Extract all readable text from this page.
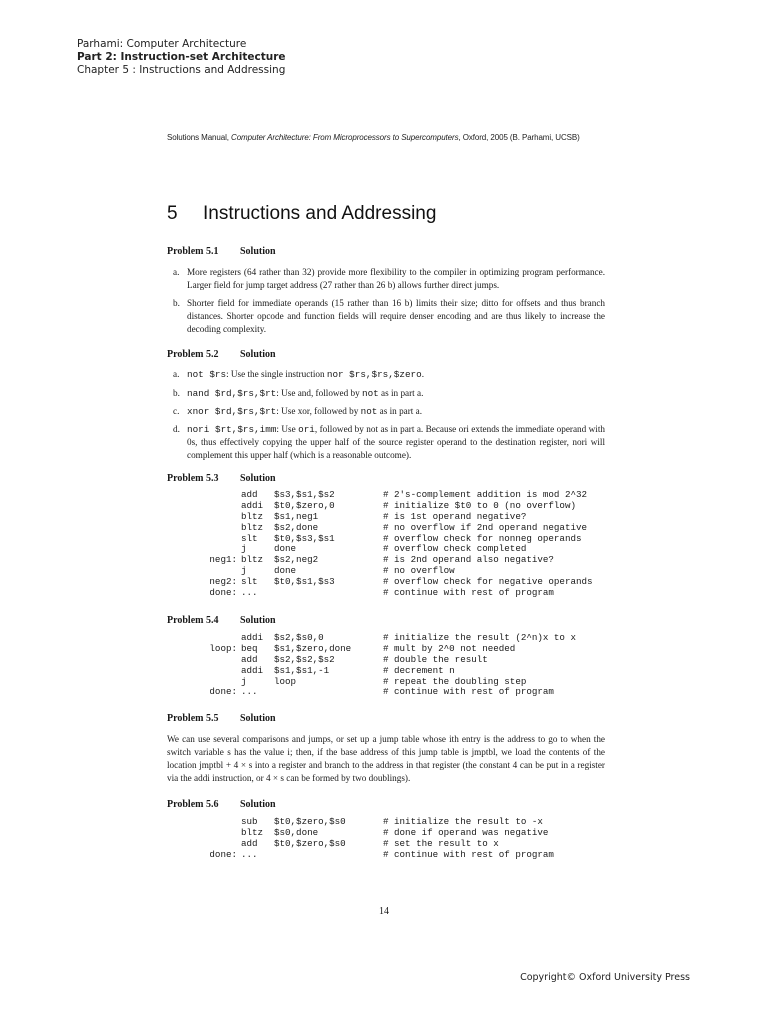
Parhami: Computer Architecture
Part 2: Instruction-set Architecture
Chapter 5 : Instructions and Addressing
Solutions Manual, Computer Architecture: From Microprocessors to Supercomputers, Oxford, 2005 (B. Parhami, UCSB)
5 Instructions and Addressing
Problem 5.1 Solution
a. More registers (64 rather than 32) provide more flexibility to the compiler in optimizing program performance. Larger field for jump target address (27 rather than 26 b) allows further direct jumps.
b. Shorter field for immediate operands (15 rather than 16 b) limits their size; ditto for offsets and thus branch distances. Shorter opcode and function fields will require denser encoding and are thus likely to increase the decoding complexity.
Problem 5.2 Solution
a. not $rs: Use the single instruction nor $rs,$rs,$zero.
b. nand $rd,$rs,$rt: Use and, followed by not as in part a.
c. xnor $rd,$rs,$rt: Use xor, followed by not as in part a.
d. nori $rt,$rs,imm: Use ori, followed by not as in part a. Because ori extends the immediate operand with 0s, thus effectively copying the upper half of the source register operand to the destination register, nori will complement this upper half (which is a reasonable outcome).
Problem 5.3 Solution
add $s3,$s1,$s2	# 2's-complement addition is mod 2^32
addi $t0,$zero,0	# initialize $t0 to 0 (no overflow)
bltz $s1,neg1	# is 1st operand negative?
bltz $s2,done	# no overflow if 2nd operand negative
slt $t0,$s3,$s1	# overflow check for nonneg operands
j	done	# overflow check completed
neg1: bltz $s2,neg2	# is 2nd operand also negative?
j	done	# no overflow
neg2: slt $t0,$s1,$s3	# overflow check for negative operands
done: ...	# continue with rest of program
Problem 5.4 Solution
addi $s2,$s0,0	# initialize the result (2^n)x to x
loop: beq $s1,$zero,done	# mult by 2^0 not needed
add $s2,$s2,$s2	# double the result
addi $s1,$s1,-1	# decrement n
j	loop	# repeat the doubling step
done: ...	# continue with rest of program
Problem 5.5 Solution
We can use several comparisons and jumps, or set up a jump table whose ith entry is the address to go to when the switch variable s has the value i; then, if the base address of this jump table is jmptbl, we load the contents of the location jmptbl + 4 × s into a register and branch to the address in that register (the constant 4 can be put in a register via the addi instruction, or 4 × s can be formed by two doublings).
Problem 5.6 Solution
sub $t0,$zero,$s0	# initialize the result to -x
bltz $s0,done	# done if operand was negative
add $t0,$zero,$s0	# set the result to x
done: ...	# continue with rest of program
14
Copyright© Oxford University Press
